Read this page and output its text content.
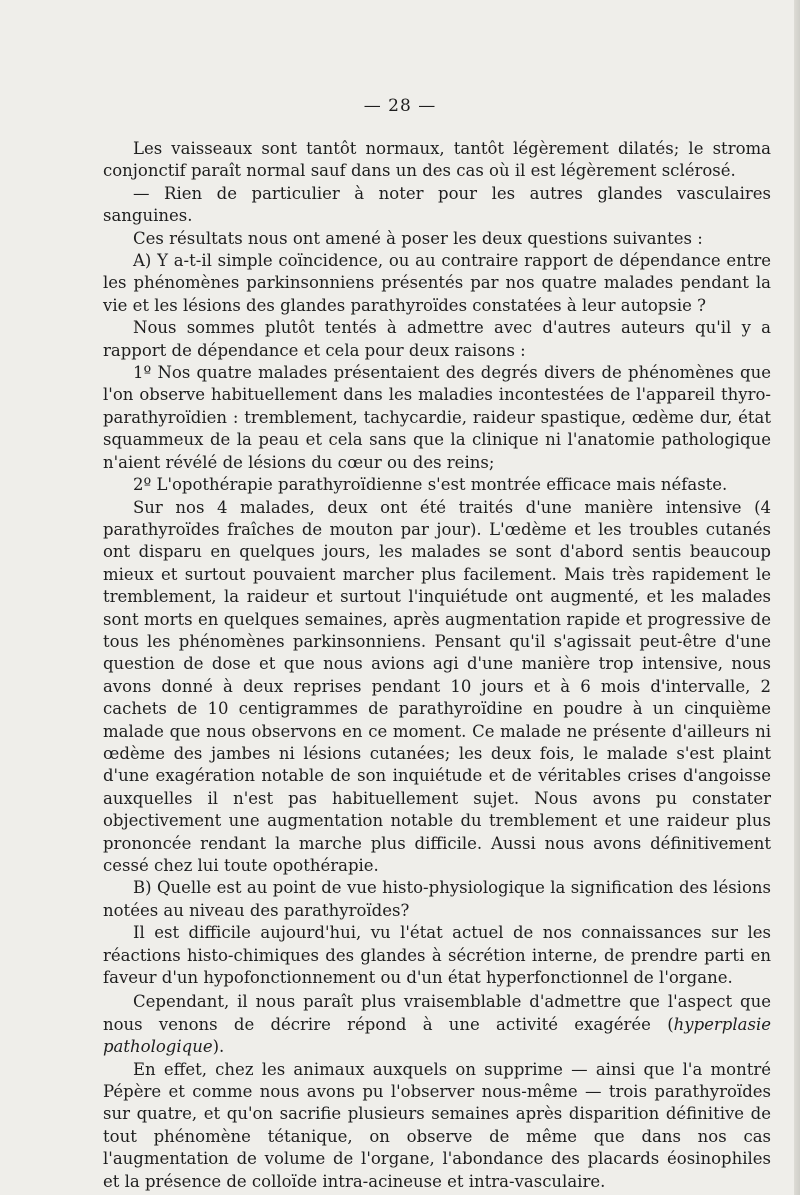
— 28 —

Les vaisseaux sont tantôt normaux, tantôt légèrement dilatés; le stroma conjonctif paraît normal sauf dans un des cas où il est légèrement sclérosé.

— Rien de particulier à noter pour les autres glandes vasculaires sanguines.

Ces résultats nous ont amené à poser les deux questions suivantes :

A) Y a-t-il simple coïncidence, ou au contraire rapport de dépendance entre les phénomènes parkinsonniens présentés par nos quatre malades pendant la vie et les lésions des glandes parathyroïdes constatées à leur autopsie ?

Nous sommes plutôt tentés à admettre avec d'autres auteurs qu'il y a rapport de dépendance et cela pour deux raisons :

1º Nos quatre malades présentaient des degrés divers de phénomènes que l'on observe habituellement dans les maladies incontestées de l'appareil thyro-parathyroïdien : tremblement, tachycardie, raideur spastique, œdème dur, état squammeux de la peau et cela sans que la clinique ni l'anatomie pathologique n'aient révélé de lésions du cœur ou des reins;

2º L'opothérapie parathyroïdienne s'est montrée efficace mais néfaste.

Sur nos 4 malades, deux ont été traités d'une manière intensive (4 parathyroïdes fraîches de mouton par jour). L'œdème et les troubles cutanés ont disparu en quelques jours, les malades se sont d'abord sentis beaucoup mieux et surtout pouvaient marcher plus facilement. Mais très rapidement le tremblement, la raideur et surtout l'inquiétude ont augmenté, et les malades sont morts en quelques semaines, après augmentation rapide et progressive de tous les phénomènes parkinsonniens. Pensant qu'il s'agissait peut-être d'une question de dose et que nous avions agi d'une manière trop intensive, nous avons donné à deux reprises pendant 10 jours et à 6 mois d'intervalle, 2 cachets de 10 centigrammes de parathyroïdine en poudre à un cinquième malade que nous observons en ce moment. Ce malade ne présente d'ailleurs ni œdème des jambes ni lésions cutanées; les deux fois, le malade s'est plaint d'une exagération notable de son inquiétude et de véritables crises d'angoisse auxquelles il n'est pas habituellement sujet. Nous avons pu constater objectivement une augmentation notable du tremblement et une raideur plus prononcée rendant la marche plus difficile. Aussi nous avons définitivement cessé chez lui toute opothérapie.

B) Quelle est au point de vue histo-physiologique la signification des lésions notées au niveau des parathyroïdes?

Il est difficile aujourd'hui, vu l'état actuel de nos connaissances sur les réactions histo-chimiques des glandes à sécrétion interne, de prendre parti en faveur d'un hypofonctionnement ou d'un état hyperfonctionnel de l'organe.

Cependant, il nous paraît plus vraisemblable d'admettre que l'aspect que nous venons de décrire répond à une activité exagérée (hyperplasie pathologique).

En effet, chez les animaux auxquels on supprime — ainsi que l'a montré Pépère et comme nous avons pu l'observer nous-même — trois parathyroïdes sur quatre, et qu'on sacrifie plusieurs semaines après disparition définitive de tout phénomène tétanique, on observe de même que dans nos cas l'augmentation de volume de l'organe, l'abondance des placards éosinophiles et la présence de colloïde intra-acineuse et intra-vasculaire.
